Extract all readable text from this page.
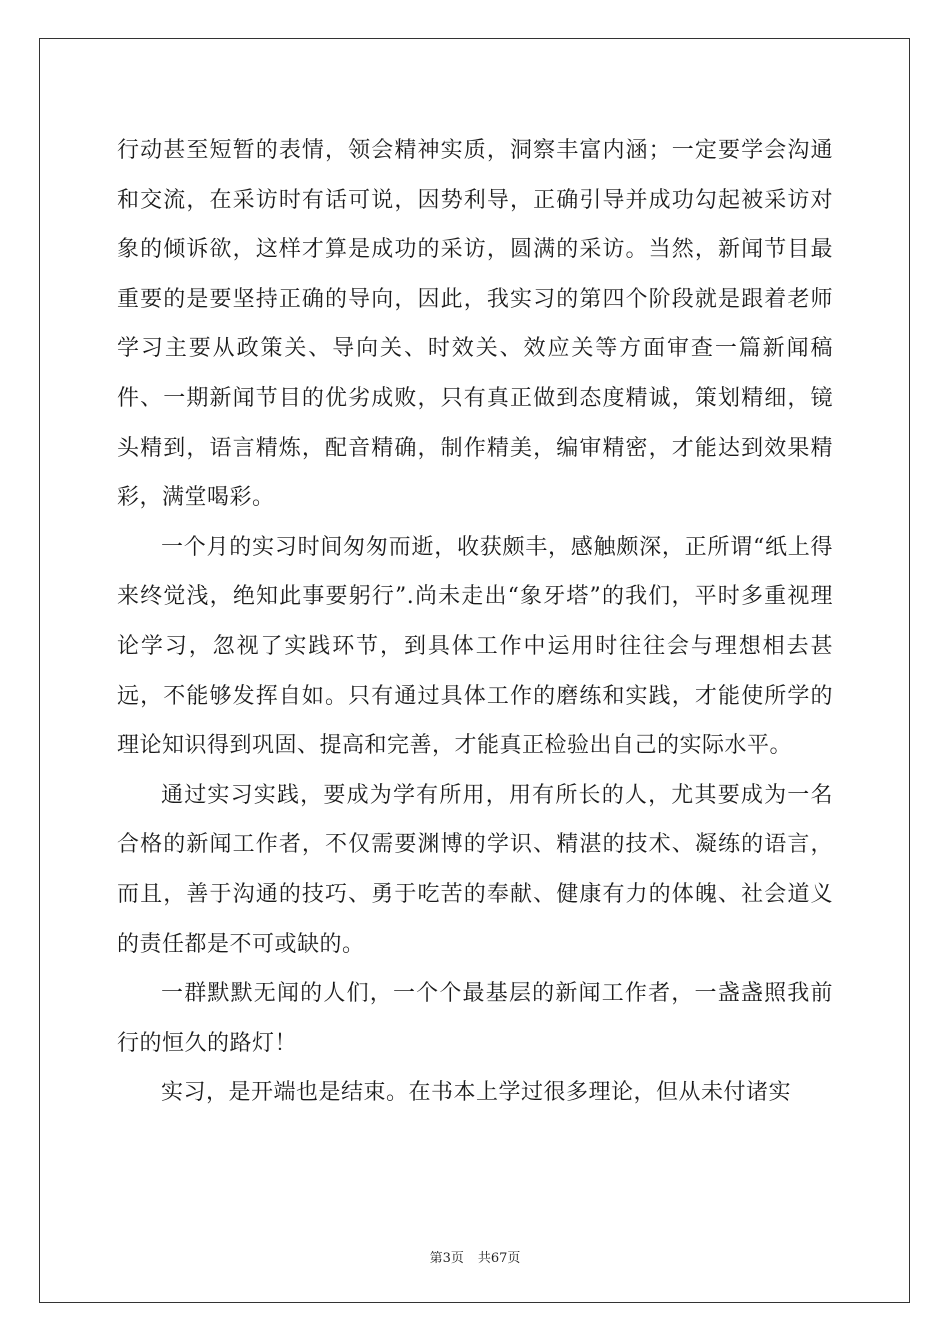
行动甚至短暂的表情，领会精神实质，洞察丰富内涵；一定要学会沟通和交流，在采访时有话可说，因势利导，正确引导并成功勾起被采访对象的倾诉欲，这样才算是成功的采访，圆满的采访。当然，新闻节目最重要的是要坚持正确的导向，因此，我实习的第四个阶段就是跟着老师学习主要从政策关、导向关、时效关、效应关等方面审查一篇新闻稿件、一期新闻节目的优劣成败，只有真正做到态度精诚，策划精细，镜头精到，语言精炼，配音精确，制作精美，编审精密，才能达到效果精彩，满堂喝彩。

一个月的实习时间匆匆而逝，收获颇丰，感触颇深，正所谓“纸上得来终觉浅，绝知此事要躬行”.尚未走出“象牙塔”的我们，平时多重视理论学习，忽视了实践环节，到具体工作中运用时往往会与理想相去甚远，不能够发挥自如。只有通过具体工作的磨练和实践，才能使所学的理论知识得到巩固、提高和完善，才能真正检验出自己的实际水平。

通过实习实践，要成为学有所用，用有所长的人，尤其要成为一名合格的新闻工作者，不仅需要渊博的学识、精湛的技术、凝练的语言，而且，善于沟通的技巧、勇于吃苦的奉献、健康有力的体魄、社会道义的责任都是不可或缺的。

一群默默无闻的人们，一个个最基层的新闻工作者，一盏盏照我前行的恒久的路灯！

实习，是开端也是结束。在书本上学过很多理论，但从未付诸实

第3页 共67页
